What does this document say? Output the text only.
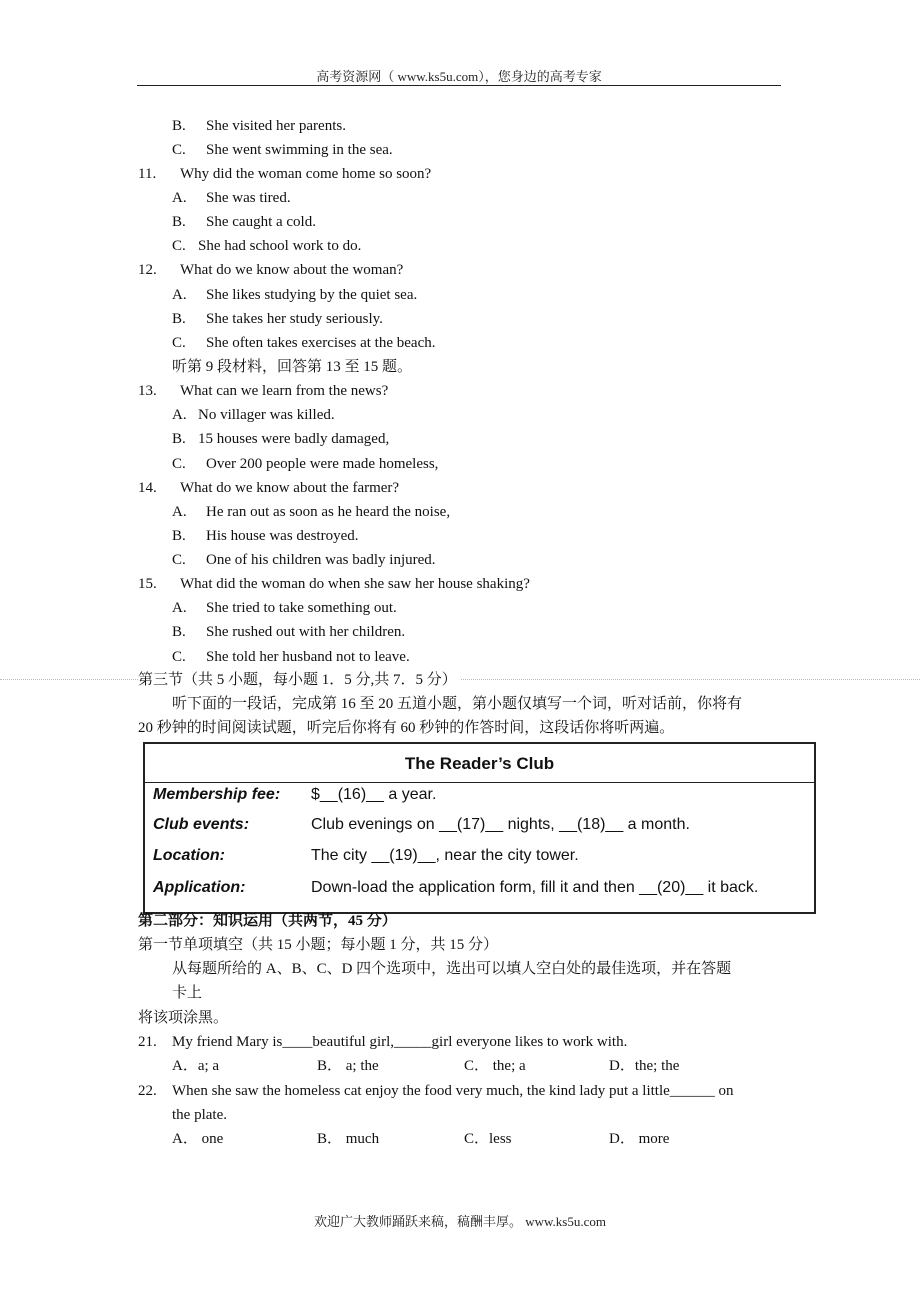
高考资源网（ www.ks5u.com），您身边的高考专家
B. She visited her parents.
C. She went swimming in the sea.
11. Why did the woman come home so soon?
A. She was tired.
B. She caught a cold.
C. She had school work to do.
12. What do we know about the woman?
A. She likes studying by the quiet sea.
B. She takes her study seriously.
C. She often takes exercises at the beach.
听第 9 段材料，回答第 13 至 15 题。
13. What can we learn from the news?
A. No villager was killed.
B. 15 houses were badly damaged,
C. Over 200 people were made homeless,
14. What do we know about the farmer?
A. He ran out as soon as he heard the noise,
B. His house was destroyed.
C. One of his children was badly injured.
15. What did the woman do when she saw her house shaking?
A. She tried to take something out.
B. She rushed out with her children.
C. She told her husband not to leave.
第三节（共 5 小题，每小题 1．5 分,共 7．5 分）
听下面的一段话，完成第 16 至 20 五道小题，第小题仅填写一个词，听对话前，你将有
20 秒钟的时间阅读试题，听完后你将有 60 秒钟的作答时间，这段话你将听两遍。
The Reader’s Club
Membership fee: $__(16)__ a year.
Club events:	Club evenings on __(17)__ nights, __(18)__ a month.
Location:	The city __(19)__, near the city tower.
Application:	Down-load the application form, fill it and then __(20)__ it back.
第二部分：知识运用（共两节，45 分）
第一节单项填空（共 15 小题；每小题 1 分，共 15 分）
从每题所给的 A、B、C、D 四个选项中，选出可以填人空白处的最佳选项，并在答题
卡上
将该项涂黑。
21. My friend Mary is____beautiful girl,_____girl everyone likes to work with.
A．a; a	B． a; the	C． the; a	D．the; the
22. When she saw the homeless cat enjoy the food very much, the kind lady put a little______ on
the plate.
A． one	B． much	C．less	D． more
欢迎广大教师踊跃来稿，稿酬丰厚。 www.ks5u.com
